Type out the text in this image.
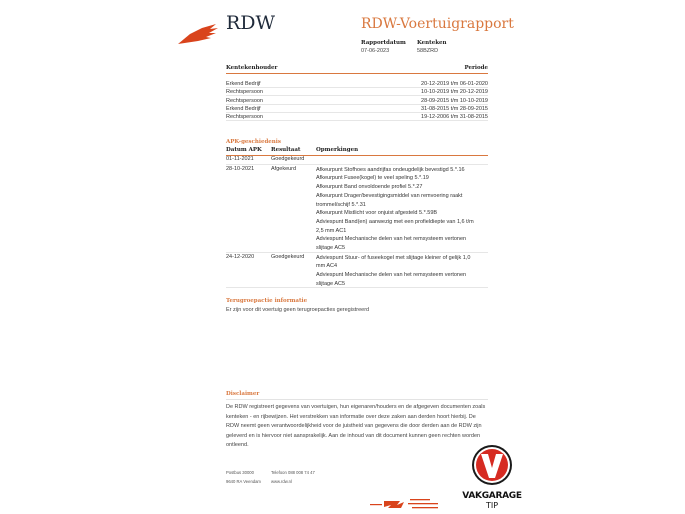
RDW	RDW-Voertuigrapport
Rapportdatum
07-06-2023
Kenteken
58BZRD
Kentekenhouder	Periode
Erkend Bedrijf	20-12-2019 t/m 06-01-2020
Rechtspersoon	10-10-2019 t/m 20-12-2019
Rechtspersoon	28-09-2015 t/m 10-10-2019
Erkend Bedrijf	31-08-2015 t/m 28-09-2015
Rechtspersoon	19-12-2006 t/m 31-08-2015
APK-geschiedenis
Datum APK Resultaat	Opmerkingen
01-11-2021	Goedgekeurd
28-10-2021	Afgekeurd	Afkeurpunt Stofhoes aandrijfas ondeugdelijk bevestigd 5.*.16
Afkeurpunt Fusee(kogel) te veel speling 5.*.19
Afkeurpunt Band onvoldoende profiel 5.*.27
Afkeurpunt Drager/bevestigingsmiddel van remvoering raakt trommel/schijf 5.*.31
Afkeurpunt Mistlicht voor onjuist afgesteld 5.*.59B
Adviespunt Band(en) aanwezig met een profieldiepte van 1,6 t/m 2,5 mm AC1
Adviespunt Mechanische delen van het remsysteem vertonen slijtage AC5
24-12-2020	Goedgekeurd Adviespunt Stuur- of fuseekogel met slijtage kleiner of gelijk 1,0 mm AC4
Adviespunt Mechanische delen van het remsysteem vertonen slijtage AC5
Terugroepactie informatie
Er zijn voor dit voertuig geen terugroepacties geregistreerd
Disclaimer
De RDW registreert gegevens van voertuigen, hun eigenaren/houders en de afgegeven documenten zoals kenteken - en rijbewijzen. Het verstrekken van informatie over deze zaken aan derden hoort hierbij. De RDW neemt geen verantwoordelijkheid voor de juistheid van gegevens die door derden aan de RDW zijn geleverd en is hiervoor niet aansprakelijk. Aan de inhoud van dit document kunnen geen rechten worden ontleend.
Postbus 30000
9640 RA Veendam
Telefoon 088 008 74 47
www.rdw.nl
VAKGARAGE
TIP
